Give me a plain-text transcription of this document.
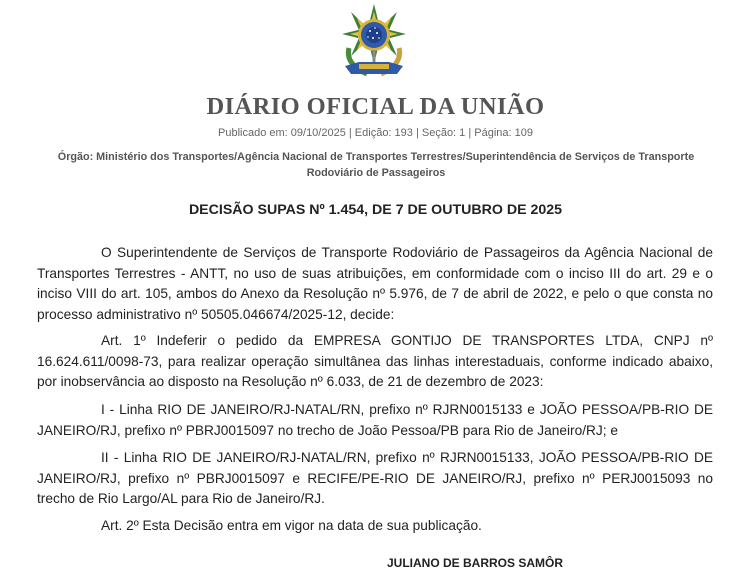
DIÁRIO OFICIAL DA UNIÃO
Publicado em: 09/10/2025 | Edição: 193 | Seção: 1 | Página: 109
Órgão: Ministério dos Transportes/Agência Nacional de Transportes Terrestres/Superintendência de Serviços de Transporte Rodoviário de Passageiros
DECISÃO SUPAS Nº 1.454, DE 7 DE OUTUBRO DE 2025

O Superintendente de Serviços de Transporte Rodoviário de Passageiros da Agência Nacional de Transportes Terrestres - ANTT, no uso de suas atribuições, em conformidade com o inciso III do art. 29 e o inciso VIII do art. 105, ambos do Anexo da Resolução nº 5.976, de 7 de abril de 2022, e pelo o que consta no processo administrativo nº 50505.046674/2025-12, decide:

Art. 1º Indeferir o pedido da EMPRESA GONTIJO DE TRANSPORTES LTDA, CNPJ nº 16.624.611/0098-73, para realizar operação simultânea das linhas interestaduais, conforme indicado abaixo, por inobservância ao disposto na Resolução nº 6.033, de 21 de dezembro de 2023:

I - Linha RIO DE JANEIRO/RJ-NATAL/RN, prefixo nº RJRN0015133 e JOÃO PESSOA/PB-RIO DE JANEIRO/RJ, prefixo nº PBRJ0015097 no trecho de João Pessoa/PB para Rio de Janeiro/RJ; e

II - Linha RIO DE JANEIRO/RJ-NATAL/RN, prefixo nº RJRN0015133, JOÃO PESSOA/PB-RIO DE JANEIRO/RJ, prefixo nº PBRJ0015097 e RECIFE/PE-RIO DE JANEIRO/RJ, prefixo nº PERJ0015093 no trecho de Rio Largo/AL para Rio de Janeiro/RJ.

Art. 2º Esta Decisão entra em vigor na data de sua publicação.

JULIANO DE BARROS SAMÔR
